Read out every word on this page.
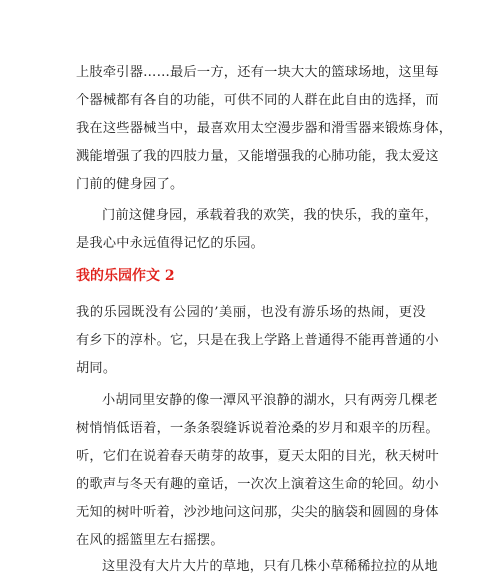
上肢牵引器……最后一方，还有一块大大的篮球场地，这里每
个器械都有各自的功能，可供不同的人群在此自由的选择，而
我在这些器械当中，最喜欢用太空漫步器和滑雪器来锻炼身体，
溅能增强了我的四肢力量，又能增强我的心肺功能，我太爱这
门前的健身园了。
门前这健身园，承载着我的欢笑，我的快乐，我的童年，
是我心中永远值得记忆的乐园。
我的乐园作文 2
我的乐园既没有公园的’美丽，也没有游乐场的热闹，更没
有乡下的淳朴。它，只是在我上学路上普通得不能再普通的小
胡同。
小胡同里安静的像一潭风平浪静的湖水，只有两旁几棵老
树悄悄低语着，一条条裂缝诉说着沧桑的岁月和艰辛的历程。
听，它们在说着春天萌芽的故事，夏天太阳的目光，秋天树叶
的歌声与冬天有趣的童话，一次次上演着这生命的轮回。幼小
无知的树叶听着，沙沙地问这问那，尖尖的脑袋和圆圆的身体
在风的摇篮里左右摇摆。
这里没有大片大片的草地，只有几株小草稀稀拉拉的从地
